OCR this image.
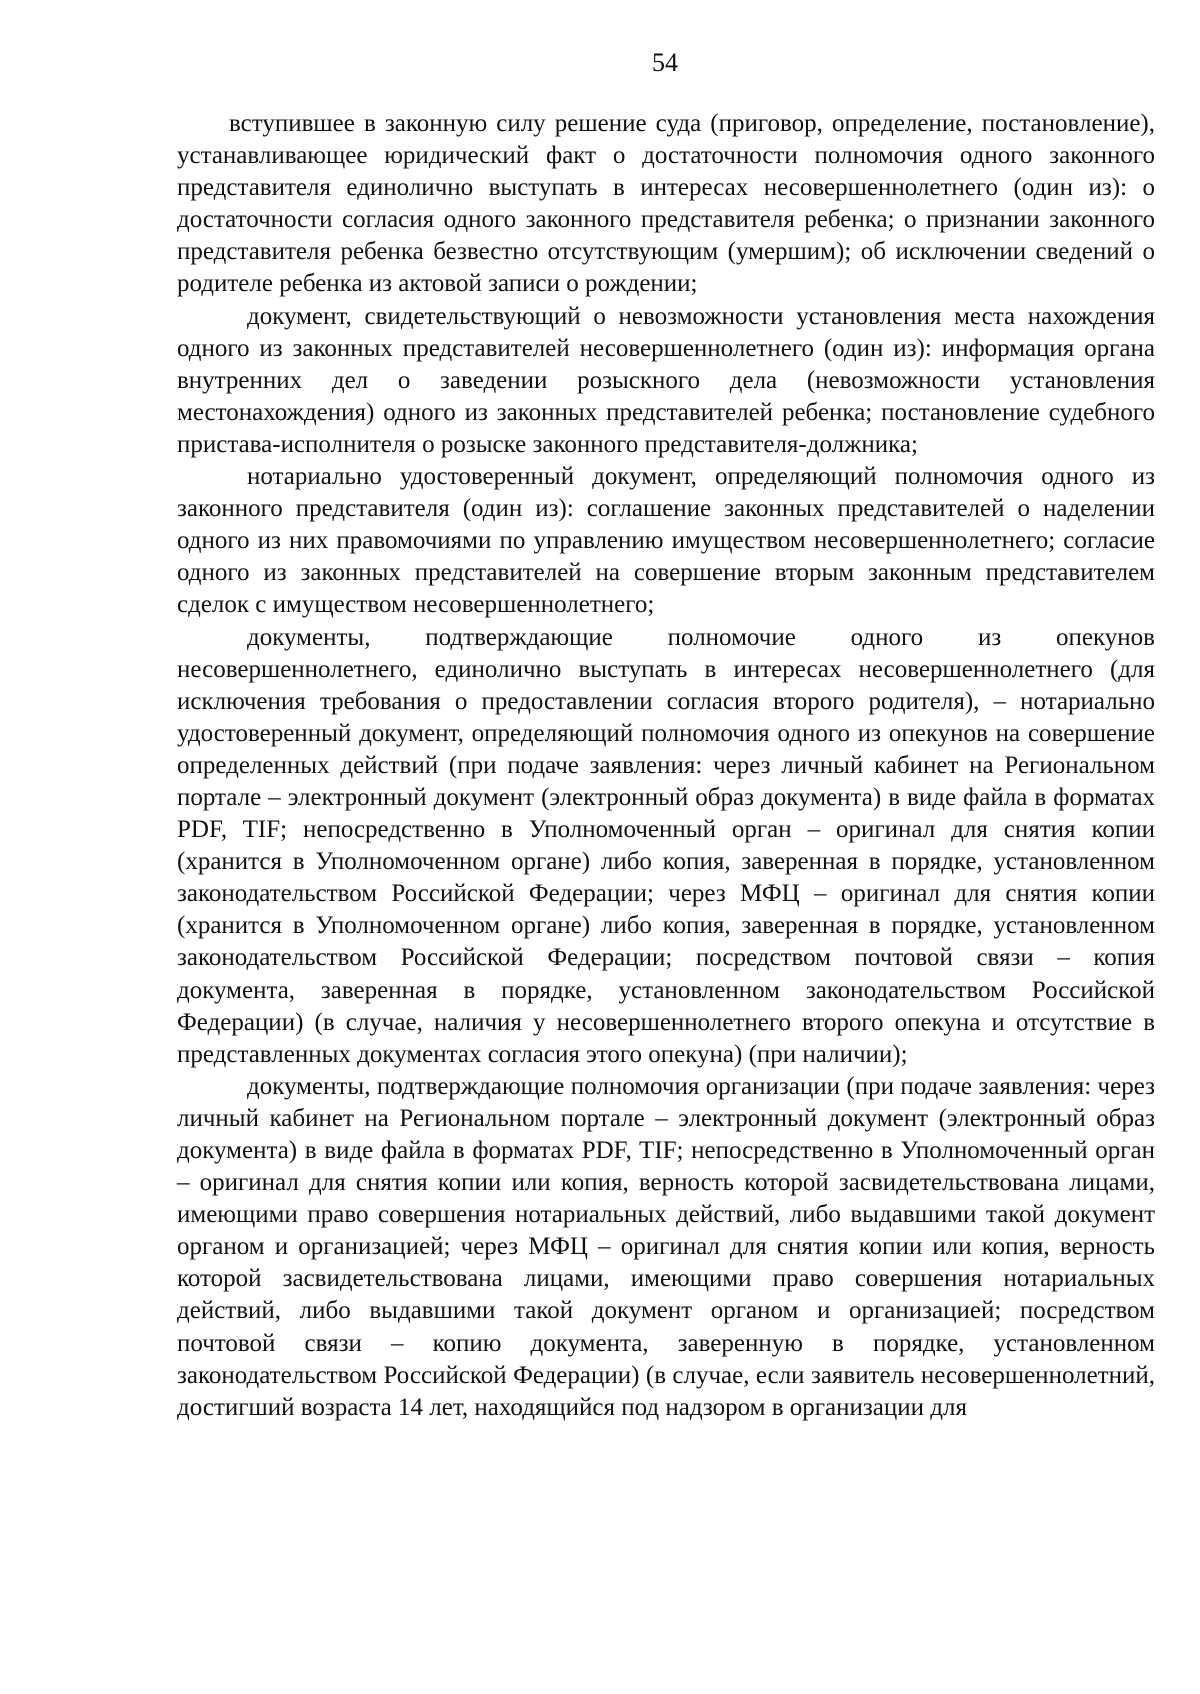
54

вступившее в законную силу решение суда (приговор, определение, постановление), устанавливающее юридический факт о достаточности полномочия одного законного представителя единолично выступать в интересах несовершеннолетнего (один из): о достаточности согласия одного законного представителя ребенка; о признании законного представителя ребенка безвестно отсутствующим (умершим); об исключении сведений о родителе ребенка из актовой записи о рождении;

документ, свидетельствующий о невозможности установления места нахождения одного из законных представителей несовершеннолетнего (один из): информация органа внутренних дел о заведении розыскного дела (невозможности установления местонахождения) одного из законных представителей ребенка; постановление судебного пристава-исполнителя о розыске законного представителя-должника;

нотариально удостоверенный документ, определяющий полномочия одного из законного представителя (один из): соглашение законных представителей о наделении одного из них правомочиями по управлению имуществом несовершеннолетнего; согласие одного из законных представителей на совершение вторым законным представителем сделок с имуществом несовершеннолетнего;

документы, подтверждающие полномочие одного из опекунов несовершеннолетнего, единолично выступать в интересах несовершеннолетнего (для исключения требования о предоставлении согласия второго родителя), – нотариально удостоверенный документ, определяющий полномочия одного из опекунов на совершение определенных действий (при подаче заявления: через личный кабинет на Региональном портале – электронный документ (электронный образ документа) в виде файла в форматах PDF, TIF; непосредственно в Уполномоченный орган – оригинал для снятия копии (хранится в Уполномоченном органе) либо копия, заверенная в порядке, установленном законодательством Российской Федерации; через МФЦ – оригинал для снятия копии (хранится в Уполномоченном органе) либо копия, заверенная в порядке, установленном законодательством Российской Федерации; посредством почтовой связи – копия документа, заверенная в порядке, установленном законодательством Российской Федерации) (в случае, наличия у несовершеннолетнего второго опекуна и отсутствие в представленных документах согласия этого опекуна) (при наличии);

документы, подтверждающие полномочия организации (при подаче заявления: через личный кабинет на Региональном портале – электронный документ (электронный образ документа) в виде файла в форматах PDF, TIF; непосредственно в Уполномоченный орган – оригинал для снятия копии или копия, верность которой засвидетельствована лицами, имеющими право совершения нотариальных действий, либо выдавшими такой документ органом и организацией; через МФЦ – оригинал для снятия копии или копия, верность которой засвидетельствована лицами, имеющими право совершения нотариальных действий, либо выдавшими такой документ органом и организацией; посредством почтовой связи – копию документа, заверенную в порядке, установленном законодательством Российской Федерации) (в случае, если заявитель несовершеннолетний, достигший возраста 14 лет, находящийся под надзором в организации для
